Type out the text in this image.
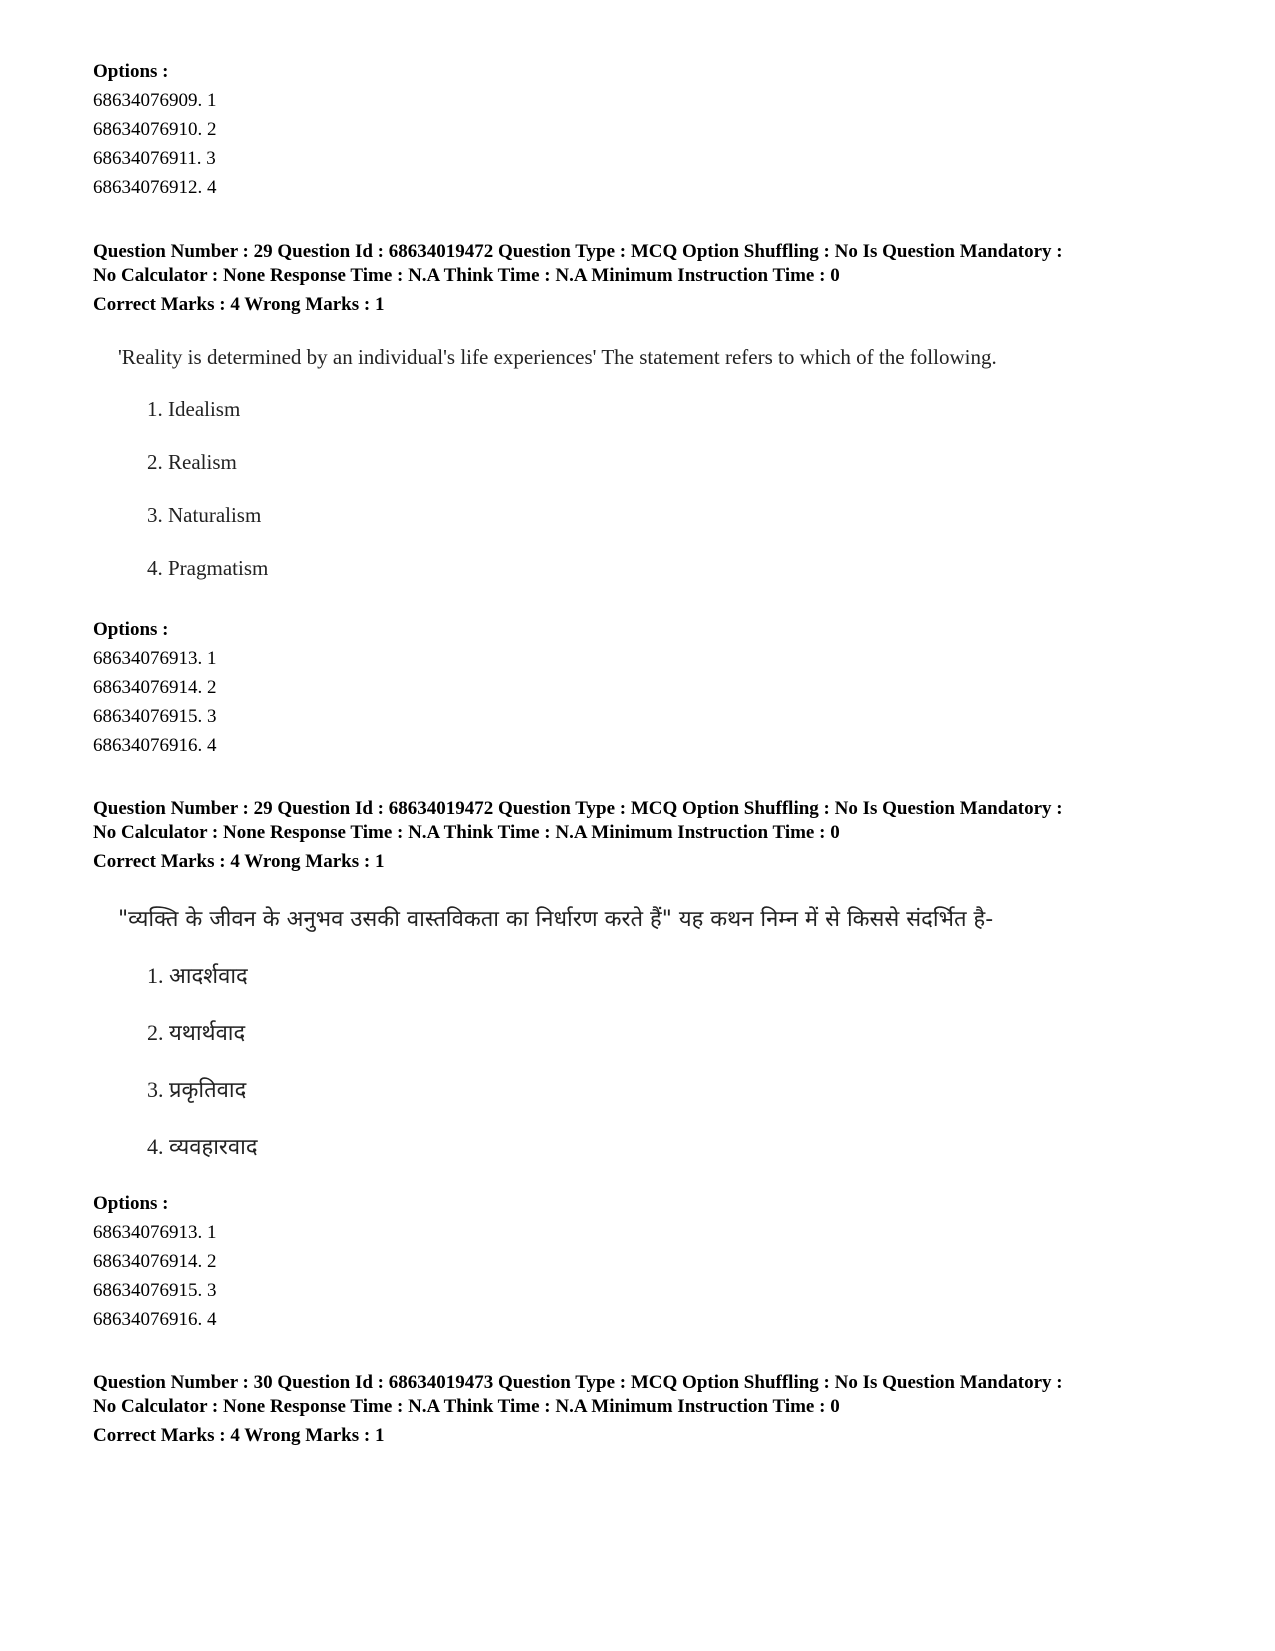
Options :
68634076909. 1
68634076910. 2
68634076911. 3
68634076912. 4
Question Number : 29 Question Id : 68634019472 Question Type : MCQ Option Shuffling : No Is Question Mandatory :
No Calculator : None Response Time : N.A Think Time : N.A Minimum Instruction Time : 0
Correct Marks : 4 Wrong Marks : 1
'Reality is determined by an individual's life experiences' The statement refers to which of the following.
1. Idealism
2. Realism
3. Naturalism
4. Pragmatism
Options :
68634076913. 1
68634076914. 2
68634076915. 3
68634076916. 4
Question Number : 29 Question Id : 68634019472 Question Type : MCQ Option Shuffling : No Is Question Mandatory :
No Calculator : None Response Time : N.A Think Time : N.A Minimum Instruction Time : 0
Correct Marks : 4 Wrong Marks : 1
"व्यक्ति के जीवन के अनुभव उसकी वास्तविकता का निर्धारण करते हैं" यह कथन निम्न में से किससे संदर्भित है-
1. आदर्शवाद
2. यथार्थवाद
3. प्रकृतिवाद
4. व्यवहारवाद
Options :
68634076913. 1
68634076914. 2
68634076915. 3
68634076916. 4
Question Number : 30 Question Id : 68634019473 Question Type : MCQ Option Shuffling : No Is Question Mandatory :
No Calculator : None Response Time : N.A Think Time : N.A Minimum Instruction Time : 0
Correct Marks : 4 Wrong Marks : 1
